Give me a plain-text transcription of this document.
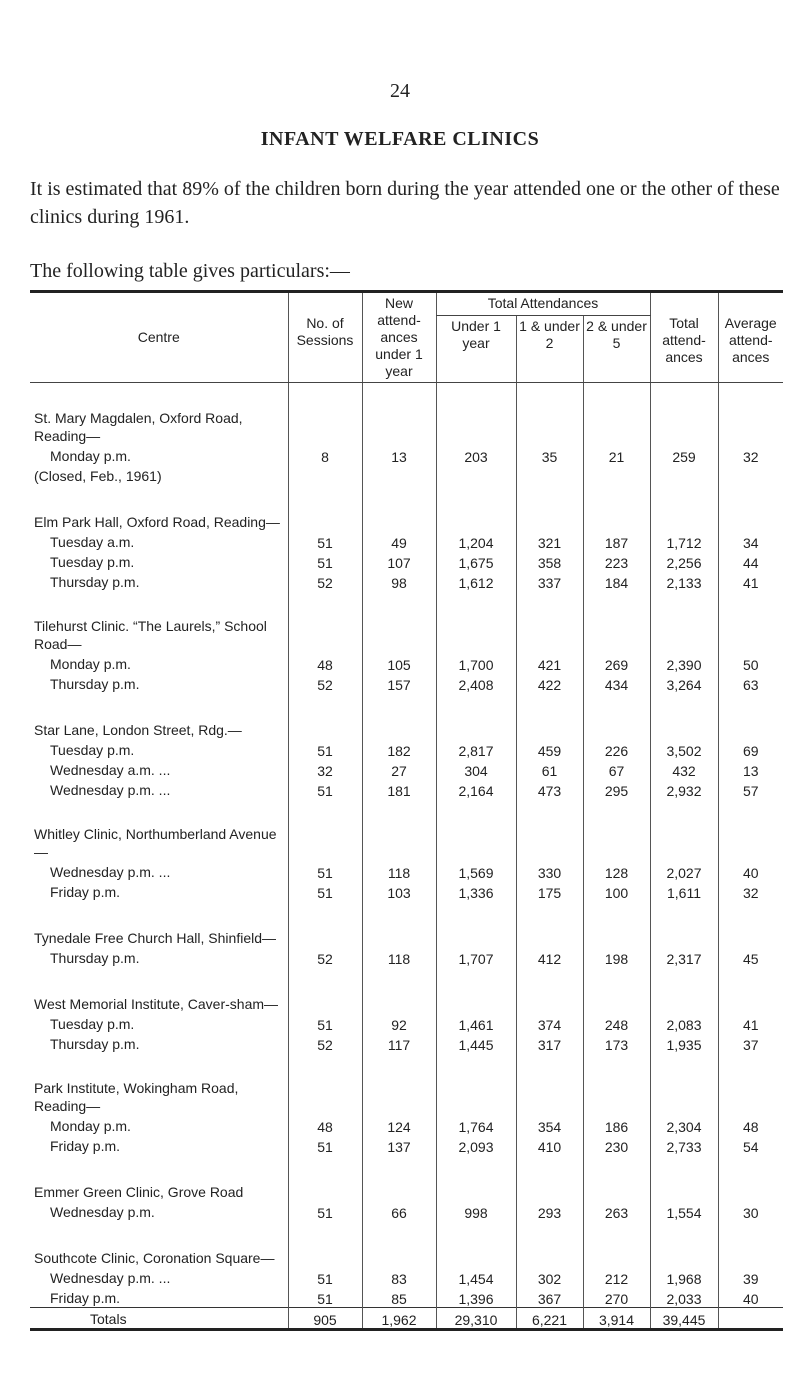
24
INFANT WELFARE CLINICS
It is estimated that 89% of the children born during the year attended one or the other of these clinics during 1961.
The following table gives particulars:—
Centre	No. of Sessions	New attend-ances under 1 year	Total Attendances			Total attend-ances	Average attend-ances
			Under 1 year	1 & under 2	2 & under 5		
St. Mary Magdalen, Oxford Road, Reading—							
Monday p.m.	8	13	203	35	21	259	32
(Closed, Feb., 1961)							
Elm Park Hall, Oxford Road, Reading—							
Tuesday a.m.	51	49	1,204	321	187	1,712	34
Tuesday p.m.	51	107	1,675	358	223	2,256	44
Thursday p.m.	52	98	1,612	337	184	2,133	41
Tilehurst Clinic. “The Laurels,” School Road—							
Monday p.m.	48	105	1,700	421	269	2,390	50
Thursday p.m.	52	157	2,408	422	434	3,264	63
Star Lane, London Street, Rdg.—							
Tuesday p.m.	51	182	2,817	459	226	3,502	69
Wednesday a.m. ...	32	27	304	61	67	432	13
Wednesday p.m. ...	51	181	2,164	473	295	2,932	57
Whitley Clinic, Northumberland Avenue—							
Wednesday p.m. ...	51	118	1,569	330	128	2,027	40
Friday p.m.	51	103	1,336	175	100	1,611	32
Tynedale Free Church Hall, Shinfield—							
Thursday p.m.	52	118	1,707	412	198	2,317	45
West Memorial Institute, Caver-sham—							
Tuesday p.m.	51	92	1,461	374	248	2,083	41
Thursday p.m.	52	117	1,445	317	173	1,935	37
Park Institute, Wokingham Road, Reading—							
Monday p.m.	48	124	1,764	354	186	2,304	48
Friday p.m.	51	137	2,093	410	230	2,733	54
Emmer Green Clinic, Grove Road							
Wednesday p.m.	51	66	998	293	263	1,554	30
Southcote Clinic, Coronation Square—							
Wednesday p.m. ...	51	83	1,454	302	212	1,968	39
Friday p.m.	51	85	1,396	367	270	2,033	40
Totals	905	1,962	29,310	6,221	3,914	39,445	
